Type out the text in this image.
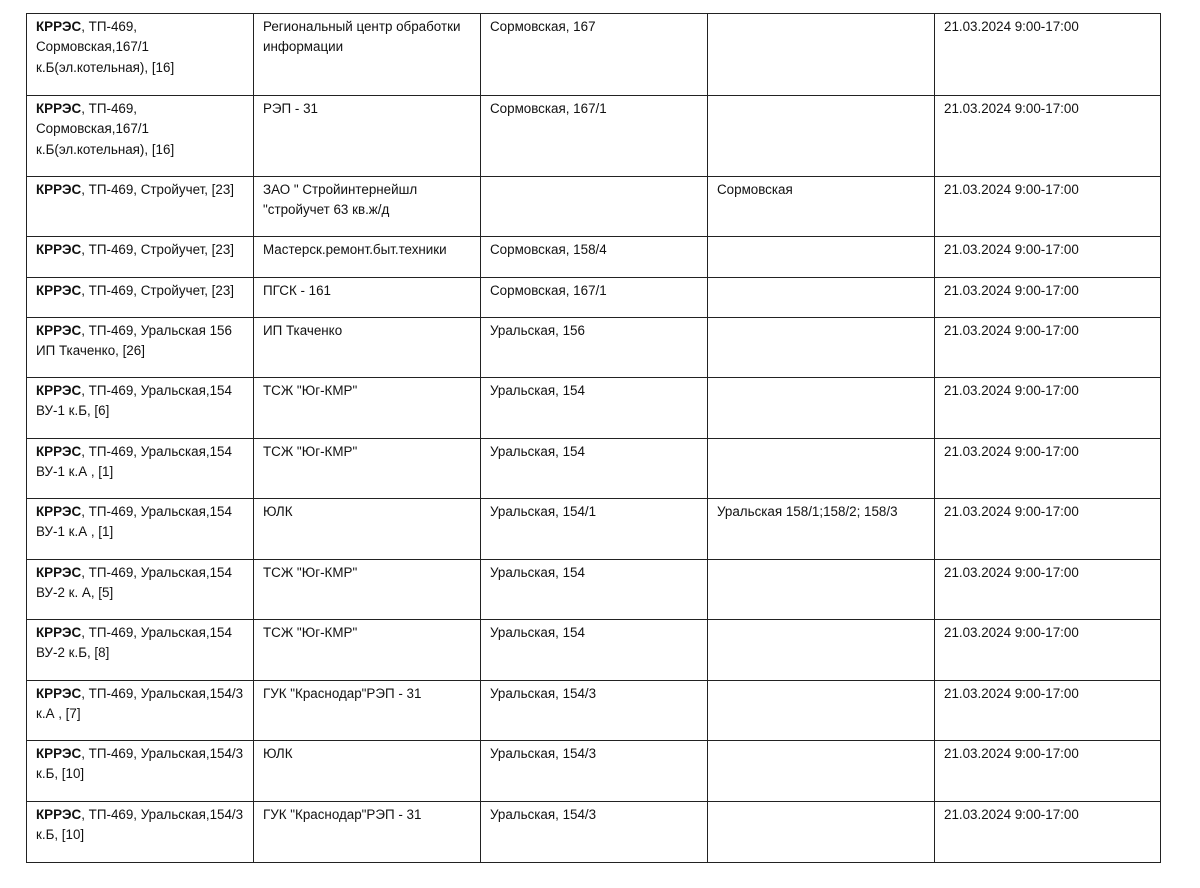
КРРЭС, ТП-469, Сормовская,167/1 к.Б(эл.котельная), [16]	Региональный центр обработки информации	Сормовская, 167		21.03.2024 9:00-17:00
КРРЭС, ТП-469, Сормовская,167/1 к.Б(эл.котельная), [16]	РЭП - 31	Сормовская, 167/1		21.03.2024 9:00-17:00
КРРЭС, ТП-469, Стройучет, [23]	ЗАО " Стройинтернейшл "стройучет 63 кв.ж/д		Сормовская	21.03.2024 9:00-17:00
КРРЭС, ТП-469, Стройучет, [23]	Мастерск.ремонт.быт.техники	Сормовская, 158/4		21.03.2024 9:00-17:00
КРРЭС, ТП-469, Стройучет, [23]	ПГСК - 161	Сормовская, 167/1		21.03.2024 9:00-17:00
КРРЭС, ТП-469, Уральская 156 ИП Ткаченко, [26]	ИП Ткаченко	Уральская, 156		21.03.2024 9:00-17:00
КРРЭС, ТП-469, Уральская,154 ВУ-1 к.Б, [6]	ТСЖ "Юг-КМР"	Уральская, 154		21.03.2024 9:00-17:00
КРРЭС, ТП-469, Уральская,154 ВУ-1 к.А , [1]	ТСЖ "Юг-КМР"	Уральская, 154		21.03.2024 9:00-17:00
КРРЭС, ТП-469, Уральская,154 ВУ-1 к.А , [1]	ЮЛК	Уральская, 154/1	Уральская 158/1;158/2; 158/3	21.03.2024 9:00-17:00
КРРЭС, ТП-469, Уральская,154 ВУ-2 к. А, [5]	ТСЖ "Юг-КМР"	Уральская, 154		21.03.2024 9:00-17:00
КРРЭС, ТП-469, Уральская,154 ВУ-2 к.Б, [8]	ТСЖ "Юг-КМР"	Уральская, 154		21.03.2024 9:00-17:00
КРРЭС, ТП-469, Уральская,154/3 к.А , [7]	ГУК "Краснодар"РЭП - 31	Уральская, 154/3		21.03.2024 9:00-17:00
КРРЭС, ТП-469, Уральская,154/3 к.Б, [10]	ЮЛК	Уральская, 154/3		21.03.2024 9:00-17:00
КРРЭС, ТП-469, Уральская,154/3 к.Б, [10]	ГУК "Краснодар"РЭП - 31	Уральская, 154/3		21.03.2024 9:00-17:00
